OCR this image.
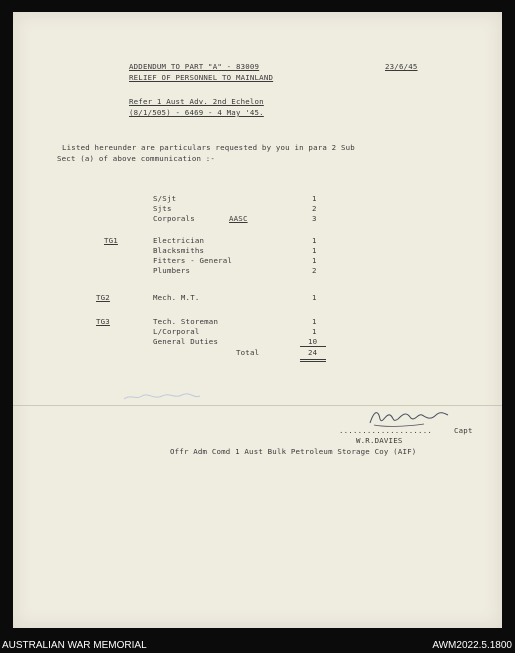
ADDENDUM TO PART "A" - 83009
RELIEF OF PERSONNEL TO MAINLAND
23/6/45
Refer 1 Aust Adv. 2nd Echelon
(8/1/505) - 6469 - 4 May '45.
Listed hereunder are particulars requested by you in para 2 Sub
Sect (a) of above communication :-
S/Sjt	1
Sjts	2
Corporals	AASC	3
TG1	Electrician	1
Blacksmiths	1
Fitters - General	1
Plumbers	2
TG2	Mech. M.T.	1
TG3	Tech. Storeman	1
L/Corporal	1
General Duties	10
Total	24
....................	Capt
W.R.DAVIES
Offr Adm Comd 1 Aust Bulk Petroleum Storage Coy (AIF)
AUSTRALIAN WAR MEMORIAL	AWM2022.5.1800
